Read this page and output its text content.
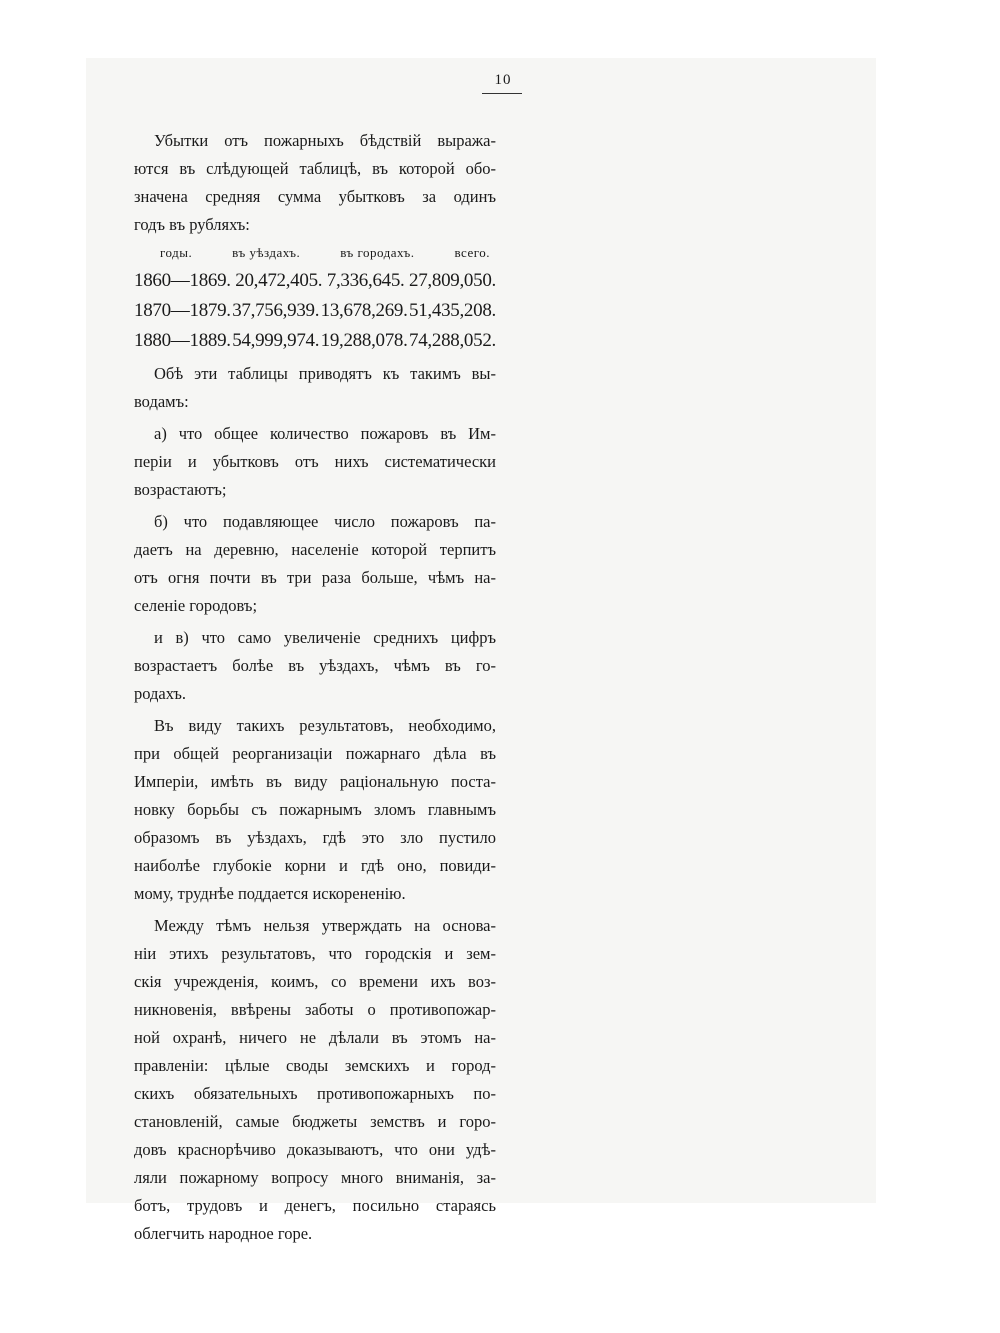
10
Убытки отъ пожарныхъ бѣдствій выража-
ются въ слѣдующей таблицѣ, въ которой обо-
значена средняя сумма убытковъ за одинъ
годъ въ рубляхъ:
годы.	въ уѣздахъ.	въ городахъ.	всего.
1860—1869. 20,472,405. 7,336,645. 27,809,050.
1870—1879. 37,756,939. 13,678,269. 51,435,208.
1880—1889. 54,999,974. 19,288,078. 74,288,052.
Обѣ эти таблицы приводятъ къ такимъ вы-
водамъ:
а) что общее количество пожаровъ въ Им-
періи и убытковъ отъ нихъ систематически
возрастаютъ;
б) что подавляющее число пожаровъ па-
даетъ на деревню, населеніе которой терпитъ
отъ огня почти въ три раза больше, чѣмъ на-
селеніе городовъ;
и в) что само увеличеніе среднихъ цифръ
возрастаетъ болѣе въ уѣздахъ, чѣмъ въ го-
родахъ.
Въ виду такихъ результатовъ, необходимо,
при общей реорганизаціи пожарнаго дѣла въ
Имперіи, имѣть въ виду раціональную поста-
новку борьбы съ пожарнымъ зломъ главнымъ
образомъ въ уѣздахъ, гдѣ это зло пустило
наиболѣе глубокіе корни и гдѣ оно, повиди-
мому, труднѣе поддается искорененію.
Между тѣмъ нельзя утверждать на основа-
ніи этихъ результатовъ, что городскія и зем-
скія учрежденія, коимъ, со времени ихъ воз-
никновенія, ввѣрены заботы о противопожар-
ной охранѣ, ничего не дѣлали въ этомъ на-
правленіи: цѣлые своды земскихъ и город-
скихъ обязательныхъ противопожарныхъ по-
становленій, самые бюджеты земствъ и горо-
довъ краснорѣчиво доказываютъ, что они удѣ-
ляли пожарному вопросу много вниманія, за-
ботъ, трудовъ и денегъ, посильно стараясь
облегчить народное горе.
